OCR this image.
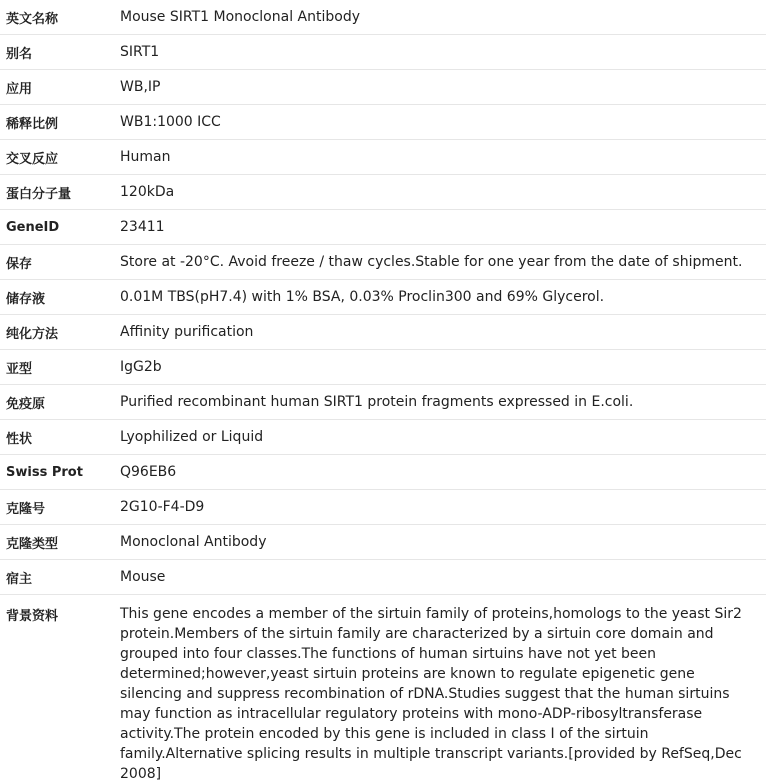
英文名称	Mouse SIRT1 Monoclonal Antibody
别名	SIRT1
应用	WB,IP
稀释比例	WB1:1000 ICC
交叉反应	Human
蛋白分子量	120kDa
GeneID	23411
保存	Store at -20°C. Avoid freeze / thaw cycles.Stable for one year from the date of shipment.
储存液	0.01M TBS(pH7.4) with 1% BSA, 0.03% Proclin300 and 69% Glycerol.
纯化方法	Affinity purification
亚型	IgG2b
免疫原	Purified recombinant human SIRT1 protein fragments expressed in E.coli.
性状	Lyophilized or Liquid
Swiss Prot	Q96EB6
克隆号	2G10-F4-D9
克隆类型	Monoclonal Antibody
宿主	Mouse
背景资料	This gene encodes a member of the sirtuin family of proteins,homologs to the yeast Sir2 protein.Members of the sirtuin family are characterized by a sirtuin core domain and grouped into four classes.The functions of human sirtuins have not yet been determined;however,yeast sirtuin proteins are known to regulate epigenetic gene silencing and suppress recombination of rDNA.Studies suggest that the human sirtuins may function as intracellular regulatory proteins with mono-ADP-ribosyltransferase activity.The protein encoded by this gene is included in class I of the sirtuin family.Alternative splicing results in multiple transcript variants.[provided by RefSeq,Dec 2008]
